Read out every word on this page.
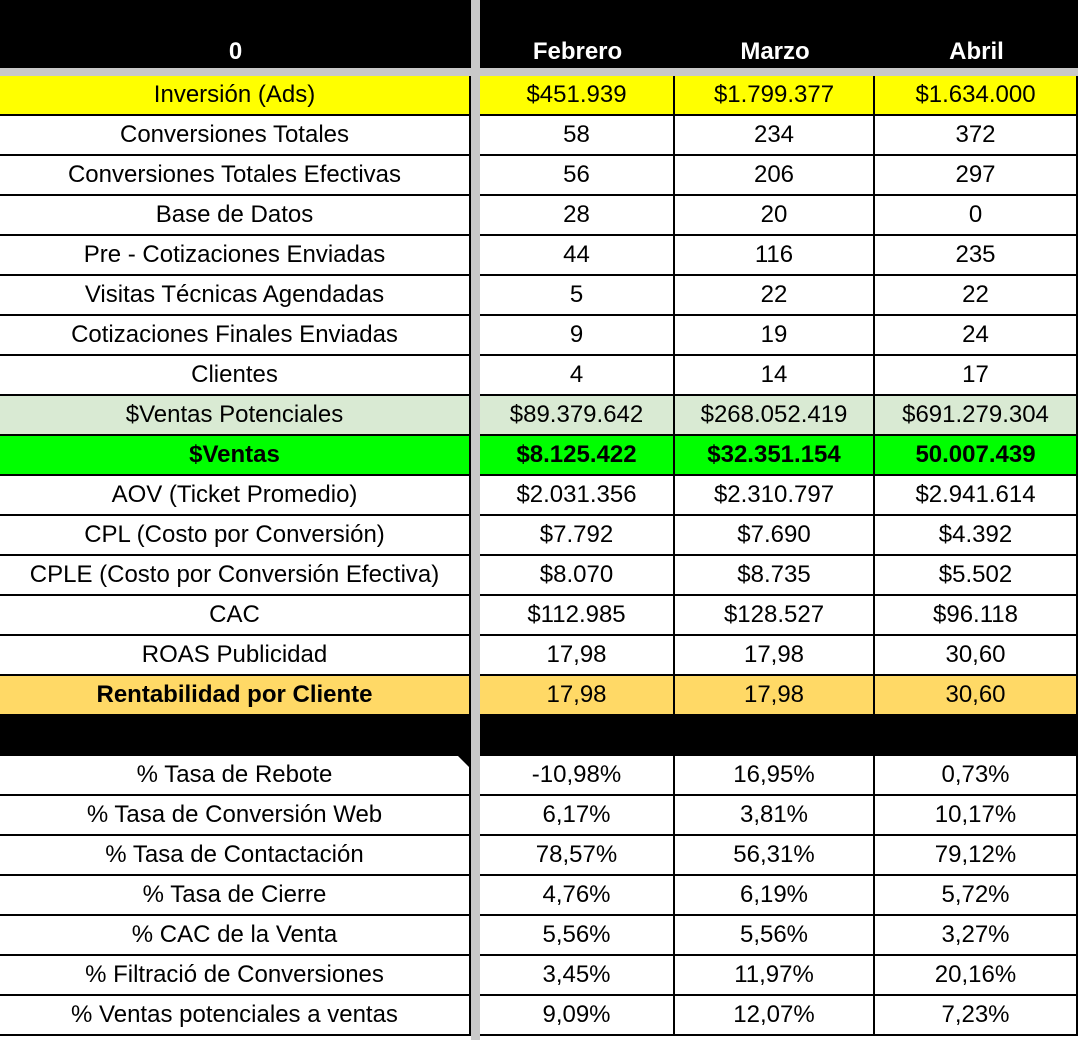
0	Febrero	Marzo	Abril
Inversión (Ads)	$451.939	$1.799.377	$1.634.000
Conversiones Totales	58	234	372
Conversiones Totales Efectivas	56	206	297
Base de Datos	28	20	0
Pre - Cotizaciones Enviadas	44	116	235
Visitas Técnicas Agendadas	5	22	22
Cotizaciones Finales Enviadas	9	19	24
Clientes	4	14	17
$Ventas Potenciales	$89.379.642	$268.052.419	$691.279.304
$Ventas	$8.125.422	$32.351.154	50.007.439
AOV (Ticket Promedio)	$2.031.356	$2.310.797	$2.941.614
CPL (Costo por Conversión)	$7.792	$7.690	$4.392
CPLE (Costo por Conversión Efectiva)	$8.070	$8.735	$5.502
CAC	$112.985	$128.527	$96.118
ROAS Publicidad	17,98	17,98	30,60
Rentabilidad por Cliente	17,98	17,98	30,60
% Tasa de Rebote	-10,98%	16,95%	0,73%
% Tasa de Conversión Web	6,17%	3,81%	10,17%
% Tasa de Contactación	78,57%	56,31%	79,12%
% Tasa de Cierre	4,76%	6,19%	5,72%
% CAC de la Venta	5,56%	5,56%	3,27%
% Filtració de Conversiones	3,45%	11,97%	20,16%
% Ventas potenciales a ventas	9,09%	12,07%	7,23%
